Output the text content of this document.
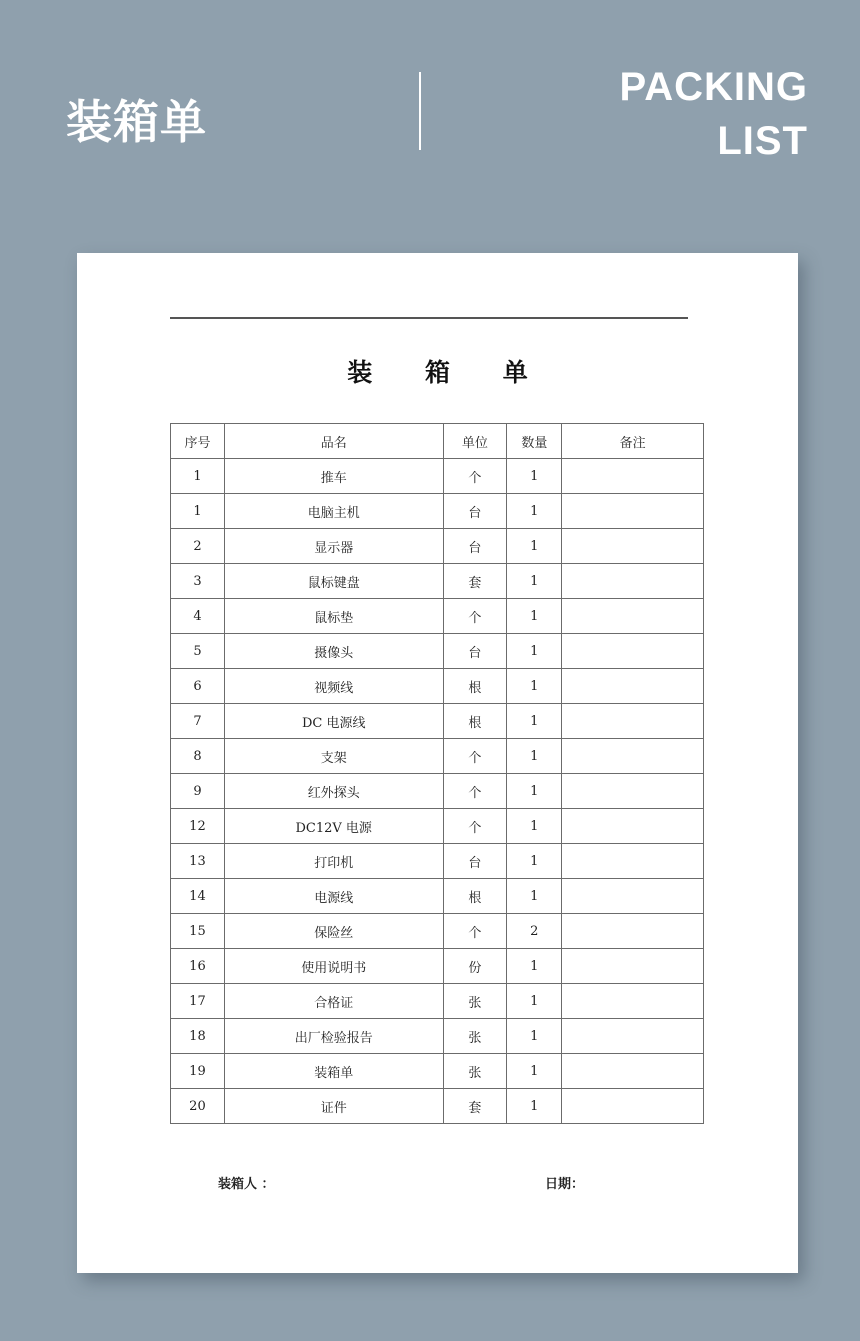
装箱单
PACKING
LIST
装 箱 单
序号	品名	单位	数量	备注
1	推车	个	1	
1	电脑主机	台	1	
2	显示器	台	1	
3	鼠标键盘	套	1	
4	鼠标垫	个	1	
5	摄像头	台	1	
6	视频线	根	1	
7	DC 电源线	根	1	
8	支架	个	1	
9	红外探头	个	1	
12	DC12V 电源	个	1	
13	打印机	台	1	
14	电源线	根	1	
15	保险丝	个	2	
16	使用说明书	份	1	
17	合格证	张	1	
18	出厂检验报告	张	1	
19	装箱单	张	1	
20	证件	套	1	
装箱人 ：	日期：
